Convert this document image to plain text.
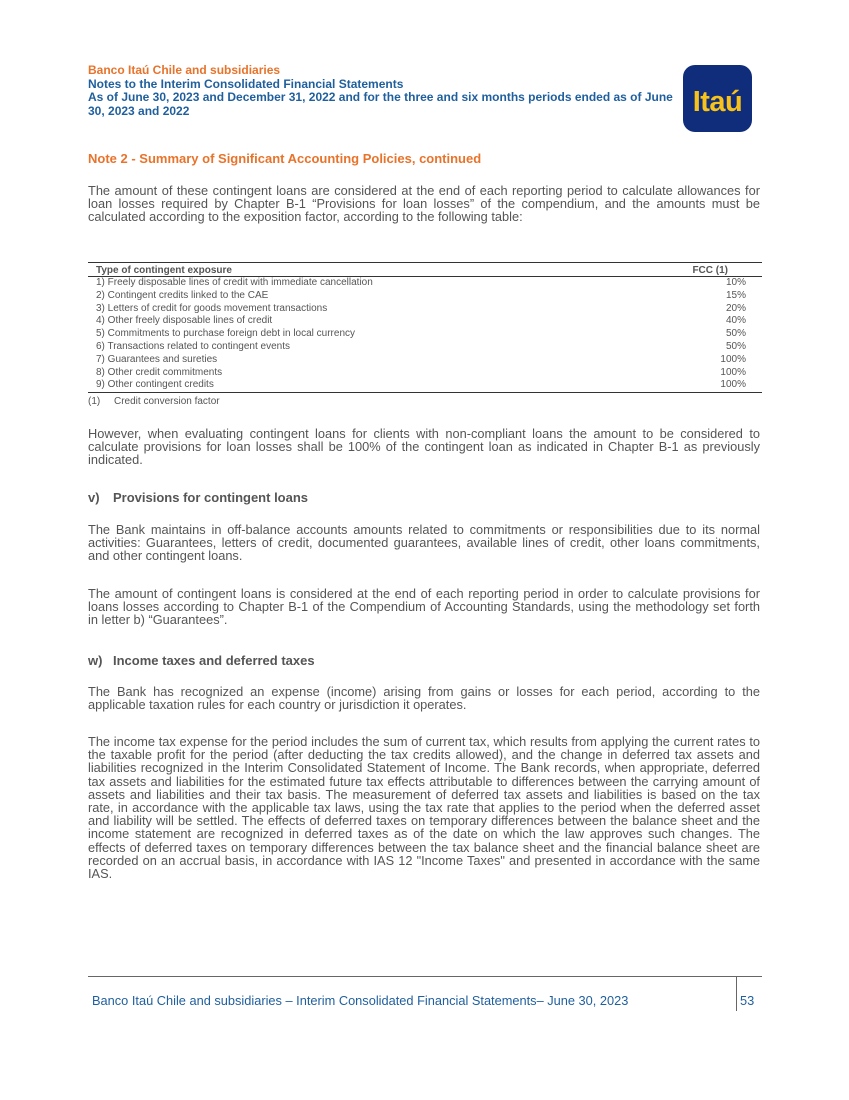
Banco Itaú Chile and subsidiaries
Notes to the Interim Consolidated Financial Statements
As of June 30, 2023 and December 31, 2022 and for the three and six months periods ended as of June 30, 2023 and 2022	Itaú
Note 2 - Summary of Significant Accounting Policies, continued

The amount of these contingent loans are considered at the end of each reporting period to calculate allowances for loan losses required by Chapter B-1 “Provisions for loan losses” of the compendium, and the amounts must be calculated according to the exposition factor, according to the following table:

Type of contingent exposure	FCC (1)
1) Freely disposable lines of credit with immediate cancellation	10%
2) Contingent credits linked to the CAE	15%
3) Letters of credit for goods movement transactions	20%
4) Other freely disposable lines of credit	40%
5) Commitments to purchase foreign debt in local currency	50%
6) Transactions related to contingent events	50%
7) Guarantees and sureties	100%
8) Other credit commitments	100%
9) Other contingent credits	100%
(1) Credit conversion factor

However, when evaluating contingent loans for clients with non-compliant loans the amount to be considered to calculate provisions for loan losses shall be 100% of the contingent loan as indicated in Chapter B-1 as previously indicated.

v) Provisions for contingent loans

The Bank maintains in off-balance accounts amounts related to commitments or responsibilities due to its normal activities: Guarantees, letters of credit, documented guarantees, available lines of credit, other loans commitments, and other contingent loans.

The amount of contingent loans is considered at the end of each reporting period in order to calculate provisions for loans losses according to Chapter B-1 of the Compendium of Accounting Standards, using the methodology set forth in letter b) “Guarantees”.

w) Income taxes and deferred taxes

The Bank has recognized an expense (income) arising from gains or losses for each period, according to the applicable taxation rules for each country or jurisdiction it operates.

The income tax expense for the period includes the sum of current tax, which results from applying the current rates to the taxable profit for the period (after deducting the tax credits allowed), and the change in deferred tax assets and liabilities recognized in the Interim Consolidated Statement of Income. The Bank records, when appropriate, deferred tax assets and liabilities for the estimated future tax effects attributable to differences between the carrying amount of assets and liabilities and their tax basis. The measurement of deferred tax assets and liabilities is based on the tax rate, in accordance with the applicable tax laws, using the tax rate that applies to the period when the deferred asset and liability will be settled. The effects of deferred taxes on temporary differences between the balance sheet and the income statement are recognized in deferred taxes as of the date on which the law approves such changes. The effects of deferred taxes on temporary differences between the tax balance sheet and the financial balance sheet are recorded on an accrual basis, in accordance with IAS 12 "Income Taxes" and presented in accordance with the same IAS.

Banco Itaú Chile and subsidiaries – Interim Consolidated Financial Statements– June 30, 2023	53
